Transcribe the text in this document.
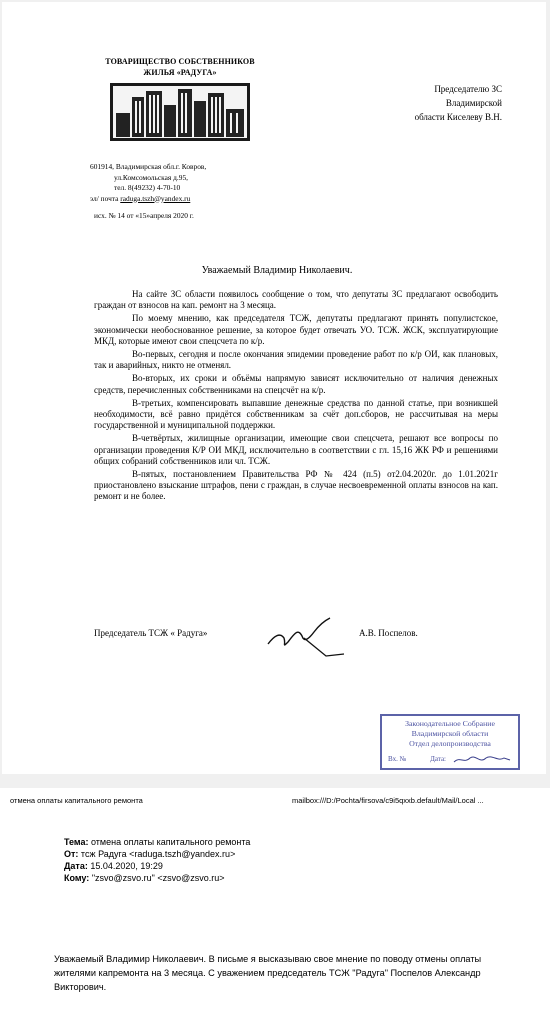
ТОВАРИЩЕСТВО СОБСТВЕННИКОВ
ЖИЛЬЯ «РАДУГА»
601914, Владимирская обл.г. Ковров,
ул.Комсомольская д.95,
тел. 8(49232) 4-70-10
эл/ почта raduga.tszh@yandex.ru
исх. № 14 от «15»апреля 2020 г.
Председателю ЗС
Владимирской
области Киселеву В.Н.
Уважаемый Владимир Николаевич.

На сайте ЗС области появилось сообщение о том, что депутаты ЗС предлагают освободить граждан от взносов на кап. ремонт на 3 месяца.

По моему мнению, как председателя ТСЖ, депутаты предлагают принять популистское, экономически необоснованное решение, за которое будет отвечать УО. ТСЖ. ЖСК, эксплуатирующие МКД, которые имеют свои спецсчета по к/р.

Во-первых, сегодня и после окончания эпидемии проведение работ по к/р ОИ, как плановых, так и аварийных, никто не отменял.

Во-вторых, их сроки и объёмы напрямую зависят исключительно от наличия денежных средств, перечисленных собственниками на спецсчёт на к/р.

В-третьих, компенсировать выпавшие денежные средства по данной статье, при возникшей необходимости, всё равно придётся собственникам за счёт доп.сборов, не рассчитывая на меры государственной и муниципальной поддержки.

В-четвёртых, жилищные организации, имеющие свои спецсчета, решают все вопросы по организации проведения К/Р ОИ МКД, исключительно в соответствии с гл. 15,16 ЖК РФ и решениями общих собраний собственников или чл. ТСЖ.

В-пятых, постановлением Правительства РФ № 424 (п.5) от2.04.2020г. до 1.01.2021г приостановлено взыскание штрафов, пени с граждан, в случае несвоевременной оплаты взносов на кап. ремонт и не более.

Председатель ТСЖ « Радуга»	А.В. Поспелов.
Законодательное Собрание
Владимирской области
Отдел делопроизводства
Вх. №	Дата:
отмена оплаты капитального ремонта	mailbox:///D:/Pochta/firsova/c9i5qxxb.default/Mail/Local ...
Тема: отмена оплаты капитального ремонта
От: тсж Радуга <raduga.tszh@yandex.ru>
Дата: 15.04.2020, 19:29
Кому: "zsvo@zsvo.ru" <zsvo@zsvo.ru>
Уважаемый Владимир Николаевич. В письме я высказываю свое мнение по поводу отмены оплаты жителями капремонта на 3 месяца. С уважением председатель ТСЖ "Радуга" Поспелов Александр Викторович.
